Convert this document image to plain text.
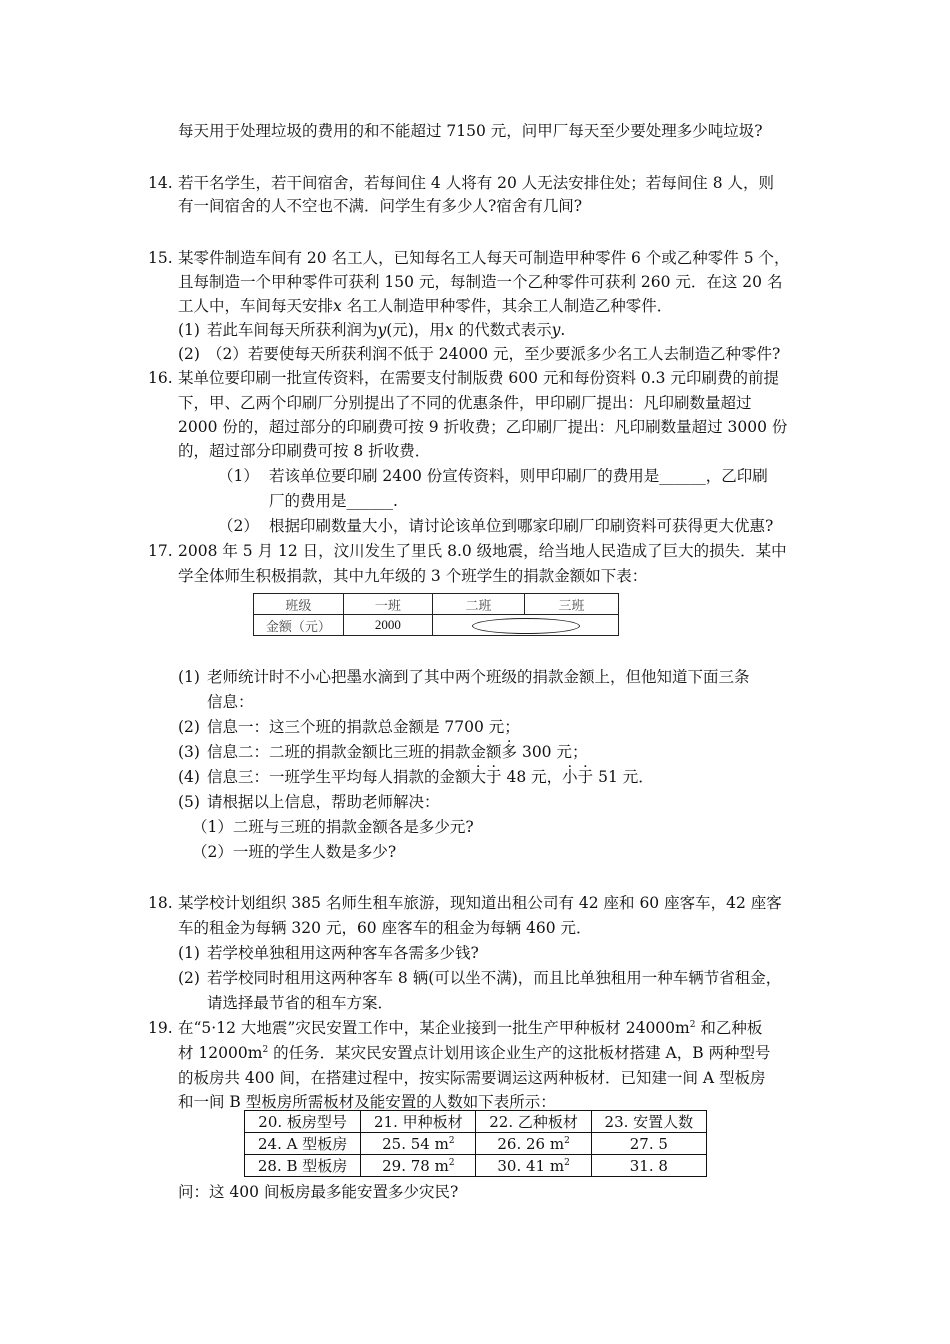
每天用于处理垃圾的费用的和不能超过 7150 元，问甲厂每天至少要处理多少吨垃圾?
14. 若干名学生，若干间宿舍，若每间住 4 人将有 20 人无法安排住处；若每间住 8 人，则
有一间宿舍的人不空也不满．问学生有多少人?宿舍有几间?
15. 某零件制造车间有 20 名工人，已知每名工人每天可制造甲种零件 6 个或乙种零件 5 个，
且每制造一个甲种零件可获利 150 元，每制造一个乙种零件可获利 260 元．在这 20 名
工人中，车间每天安排x 名工人制造甲种零件，其余工人制造乙种零件．
(1) 若此车间每天所获利润为y(元)，用x 的代数式表示y.
(2) （2）若要使每天所获利润不低于 24000 元，至少要派多少名工人去制造乙种零件?
16. 某单位要印刷一批宣传资料，在需要支付制版费 600 元和每份资料 0.3 元印刷费的前提
下，甲、乙两个印刷厂分别提出了不同的优惠条件，甲印刷厂提出：凡印刷数量超过
2000 份的，超过部分的印刷费可按 9 折收费；乙印刷厂提出：凡印刷数量超过 3000 份
的，超过部分印刷费可按 8 折收费．
（1） 若该单位要印刷 2400 份宣传资料，则甲印刷厂的费用是______，乙印刷
厂的费用是______.
（2） 根据印刷数量大小，请讨论该单位到哪家印刷厂印刷资料可获得更大优惠?
17. 2008 年 5 月 12 日，汶川发生了里氏 8.0 级地震，给当地人民造成了巨大的损失．某中
学全体师生积极捐款，其中九年级的 3 个班学生的捐款金额如下表：
班级	一班	二班	三班
金额（元）	2000		
(1) 老师统计时不小心把墨水滴到了其中两个班级的捐款金额上，但他知道下面三条
信息：
(2) 信息一：这三个班的捐款总金额是 7700 元；
(3) 信息二：二班的捐款金额比三班的捐款金额多 300 元；
(4) 信息三：一班学生平均每人捐款的金额大于 48 元，小于 51 元．
(5) 请根据以上信息，帮助老师解决：
（1）二班与三班的捐款金额各是多少元?
（2）一班的学生人数是多少?
18. 某学校计划组织 385 名师生租车旅游，现知道出租公司有 42 座和 60 座客车，42 座客
车的租金为每辆 320 元，60 座客车的租金为每辆 460 元．
(1) 若学校单独租用这两种客车各需多少钱?
(2) 若学校同时租用这两种客车 8 辆(可以坐不满)，而且比单独租用一种车辆节省租金，
请选择最节省的租车方案．
19. 在“5·12 大地震”灾民安置工作中，某企业接到一批生产甲种板材 $24000m^2$ 和乙种板
材 $12000m^2$ 的任务．某灾民安置点计划用该企业生产的这批板材搭建 A，B 两种型号
的板房共 400 间，在搭建过程中，按实际需要调运这两种板材．已知建一间 A 型板房
和一间 B 型板房所需板材及能安置的人数如下表所示：
20. 板房型号	21. 甲种板材	22. 乙种板材	23. 安置人数
24. A 型板房	25. 54 $m^2$	26. 26 $m^2$	27. 5
28. B 型板房	29. 78 $m^2$	30. 41 $m^2$	31. 8
问：这 400 间板房最多能安置多少灾民?
